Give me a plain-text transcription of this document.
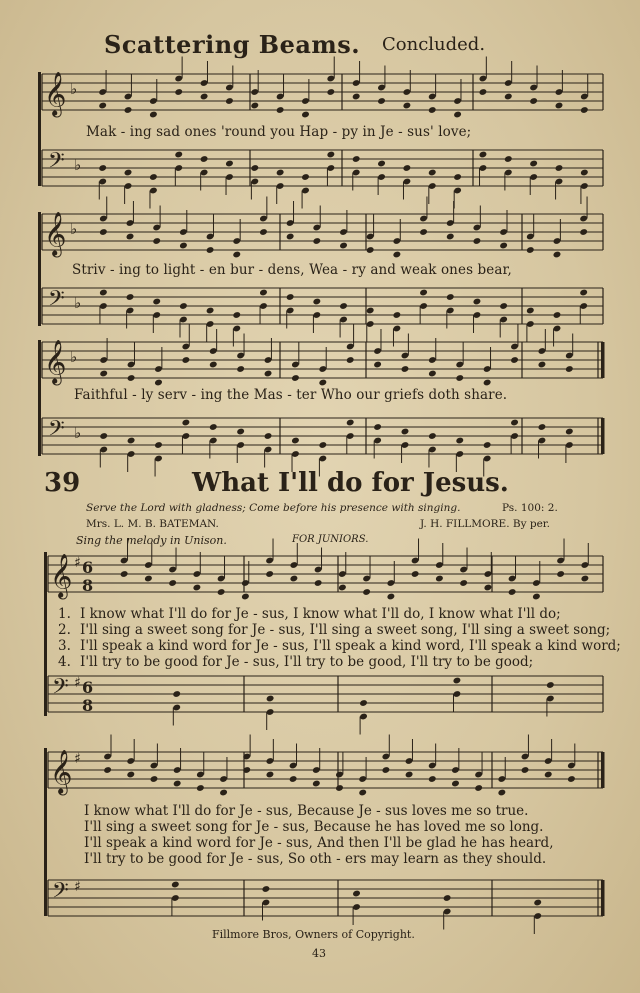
𝄞 ♭
𝄢 ♭
𝄞 ♭
𝄢 ♭
𝄞 ♭
𝄢 ♭
𝄞 ♯ 6
8
𝄢 ♯ 6
8
𝄞 ♯
𝄢 ♯
Scattering Beams. Concluded.
Mak - ing sad ones 'round you Hap - py in Je - sus' love;
Striv - ing to light - en bur - dens, Wea - ry and weak ones bear,
Faithful - ly serv - ing the Mas - ter Who our griefs doth share.
39	What I'll do for Jesus.
Serve the Lord with gladness; Come before his presence with singing.	Ps. 100: 2.
Mrs. L. M. B. BATEMAN.	J. H. FILLMORE. By per.
Sing the melody in Unison.	FOR JUNIORS.
1. I know what I'll do for Je - sus, I know what I'll do, I know what I'll do;
2. I'll sing a sweet song for Je - sus, I'll sing a sweet song, I'll sing a sweet song;
3. I'll speak a kind word for Je - sus, I'll speak a kind word, I'll speak a kind word;
4. I'll try to be good for Je - sus, I'll try to be good, I'll try to be good;
I know what I'll do for Je - sus, Because Je - sus loves me so true.
I'll sing a sweet song for Je - sus, Because he has loved me so long.
I'll speak a kind word for Je - sus, And then I'll be glad he has heard,
I'll try to be good for Je - sus, So oth - ers may learn as they should.
Fillmore Bros, Owners of Copyright.
43
